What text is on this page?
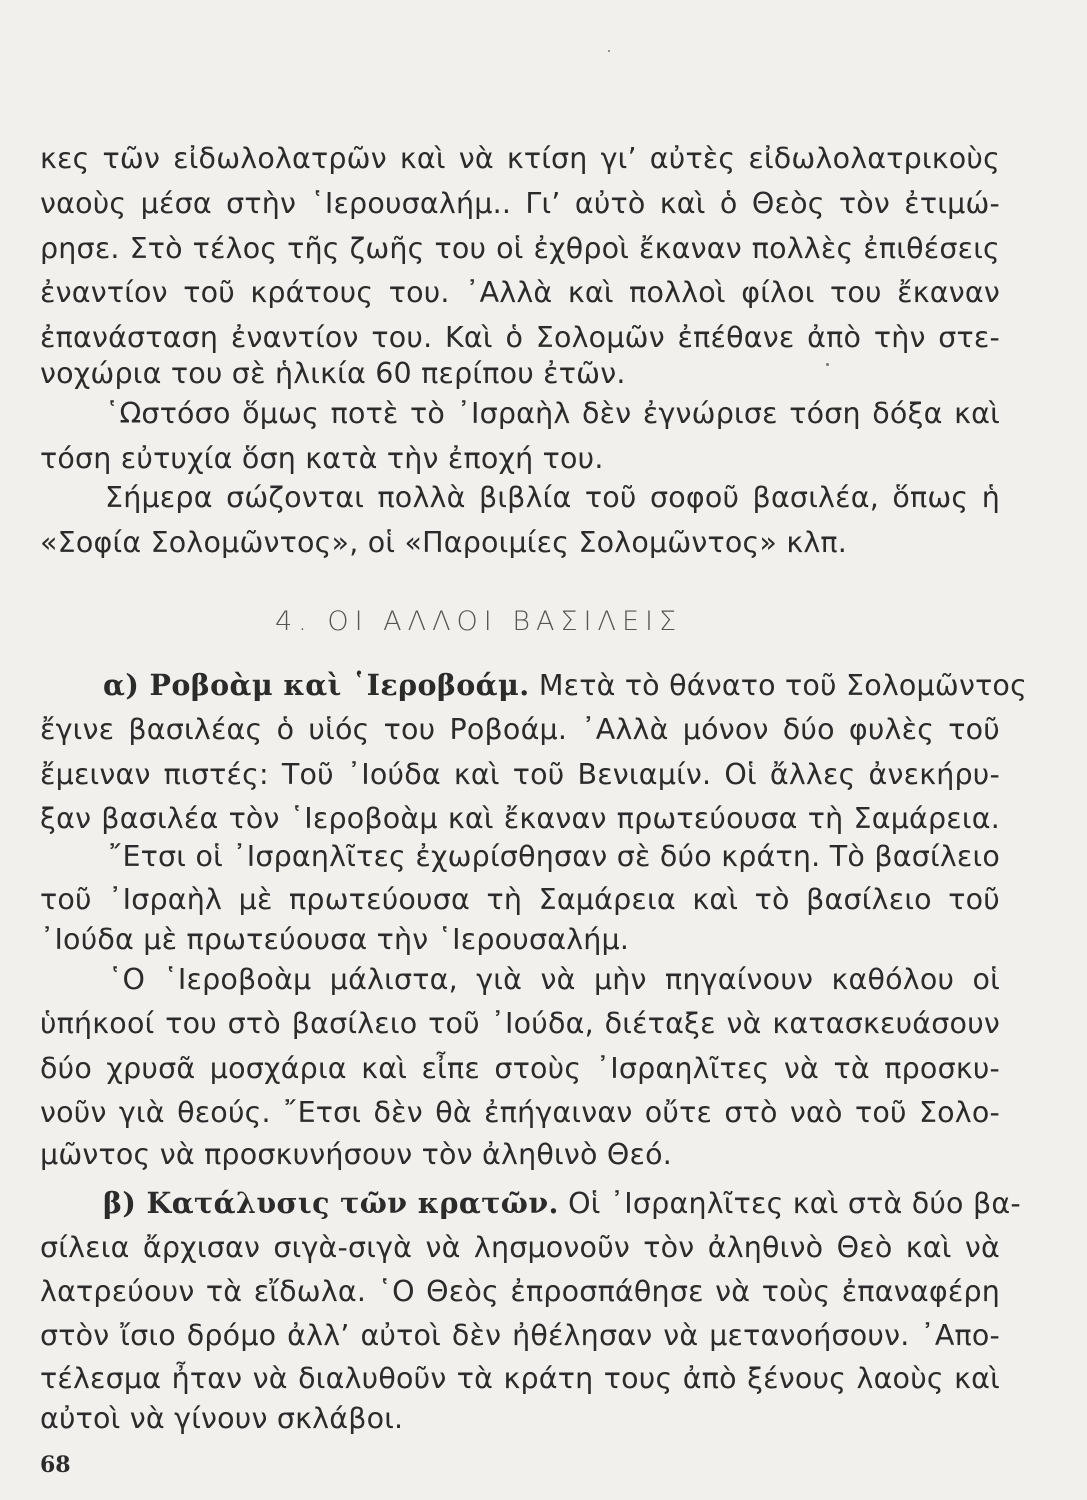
κες τῶν εἰδωλολατρῶν καὶ νὰ κτίση γι’ αὐτὲς εἰδωλολατρικοὺς
ναοὺς μέσα στὴν ῾Ιερουσαλήμ.. Γι’ αὐτὸ καὶ ὁ Θεὸς τὸν ἐτιμώ-
ρησε. Στὸ τέλος τῆς ζωῆς του οἱ ἐχθροὶ ἔκαναν πολλὲς ἐπιθέσεις
ἐναντίον τοῦ κράτους του. ᾿Αλλὰ καὶ πολλοὶ φίλοι του ἔκαναν
ἐπανάσταση ἐναντίον του. Καὶ ὁ Σολομῶν ἐπέθανε ἀπὸ τὴν στε-
νοχώρια του σὲ ἡλικία 60 περίπου ἐτῶν.
῾Ωστόσο ὅμως ποτὲ τὸ ᾿Ισραὴλ δὲν ἐγνώρισε τόση δόξα καὶ
τόση εὐτυχία ὅση κατὰ τὴν ἐποχή του.
Σήμερα σώζονται πολλὰ βιβλία τοῦ σοφοῦ βασιλέα, ὅπως ἡ
«Σοφία Σολομῶντος», οἱ «Παροιμίες Σολομῶντος» κλπ.
4. ΟΙ ΑΛΛΟΙ ΒΑΣΙΛΕΙΣ
α) Ροβοὰμ καὶ ῾Ιεροβοάμ. Μετὰ τὸ θάνατο τοῦ Σολομῶντος
ἔγινε βασιλέας ὁ υἱός του Ροβοάμ. ᾿Αλλὰ μόνον δύο φυλὲς τοῦ
ἔμειναν πιστές: Τοῦ ᾿Ιούδα καὶ τοῦ Βενιαμίν. Οἱ ἄλλες ἀνεκήρυ-
ξαν βασιλέα τὸν ῾Ιεροβοὰμ καὶ ἔκαναν πρωτεύουσα τὴ Σαμάρεια.
῎Ετσι οἱ ᾿Ισραηλῖτες ἐχωρίσθησαν σὲ δύο κράτη. Τὸ βασίλειο
τοῦ ᾿Ισραὴλ μὲ πρωτεύουσα τὴ Σαμάρεια καὶ τὸ βασίλειο τοῦ
᾿Ιούδα μὲ πρωτεύουσα τὴν ῾Ιερουσαλήμ.
῾Ο ῾Ιεροβοὰμ μάλιστα, γιὰ νὰ μὴν πηγαίνουν καθόλου οἱ
ὑπήκοοί του στὸ βασίλειο τοῦ ᾿Ιούδα, διέταξε νὰ κατασκευάσουν
δύο χρυσᾶ μοσχάρια καὶ εἶπε στοὺς ᾿Ισραηλῖτες νὰ τὰ προσκυ-
νοῦν γιὰ θεούς. ῎Ετσι δὲν θὰ ἐπήγαιναν οὔτε στὸ ναὸ τοῦ Σολο-
μῶντος νὰ προσκυνήσουν τὸν ἀληθινὸ Θεό.
β) Κατάλυσις τῶν κρατῶν. Οἱ ᾿Ισραηλῖτες καὶ στὰ δύο βα-
σίλεια ἄρχισαν σιγὰ-σιγὰ νὰ λησμονοῦν τὸν ἀληθινὸ Θεὸ καὶ νὰ
λατρεύουν τὰ εἴδωλα. ῾Ο Θεὸς ἐπροσπάθησε νὰ τοὺς ἐπαναφέρη
στὸν ἴσιο δρόμο ἀλλ’ αὐτοὶ δὲν ἠθέλησαν νὰ μετανοήσουν. ᾿Απο-
τέλεσμα ἦταν νὰ διαλυθοῦν τὰ κράτη τους ἀπὸ ξένους λαοὺς καὶ
αὐτοὶ νὰ γίνουν σκλάβοι.
68
